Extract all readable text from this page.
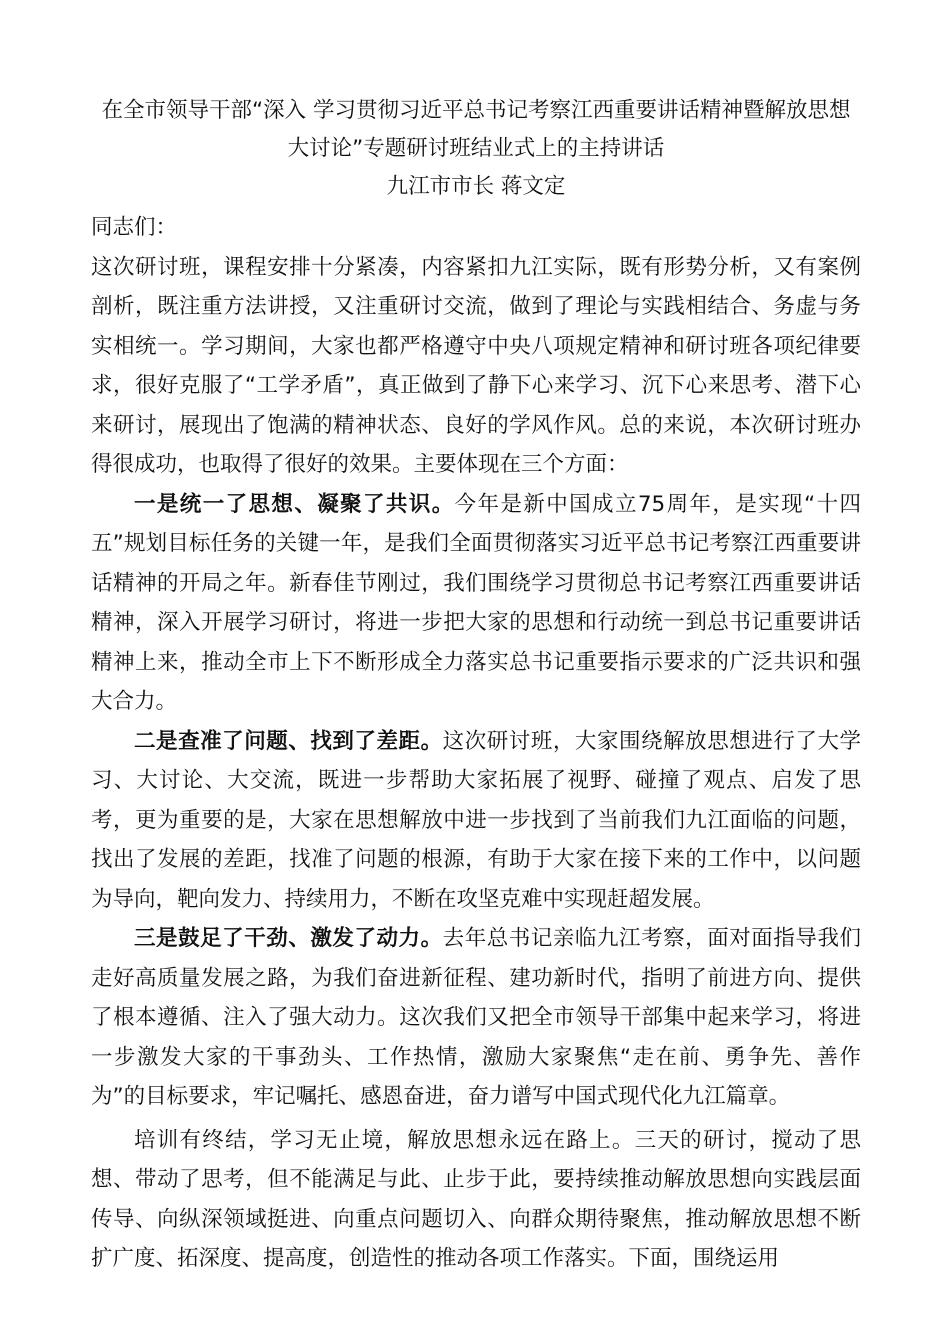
在全市领导干部“深入 学习贯彻习近平总书记考察江西重要讲话精神暨解放思想大讨论”专题研讨班结业式上的主持讲话

九江市市长 蒋文定

同志们：

这次研讨班，课程安排十分紧凑，内容紧扣九江实际，既有形势分析，又有案例剖析，既注重方法讲授，又注重研讨交流，做到了理论与实践相结合、务虚与务实相统一。学习期间，大家也都严格遵守中央八项规定精神和研讨班各项纪律要求，很好克服了“工学矛盾”，真正做到了静下心来学习、沉下心来思考、潜下心来研讨，展现出了饱满的精神状态、良好的学风作风。总的来说，本次研讨班办得很成功，也取得了很好的效果。主要体现在三个方面：

一是统一了思想、凝聚了共识。今年是新中国成立75周年，是实现“十四五”规划目标任务的关键一年，是我们全面贯彻落实习近平总书记考察江西重要讲话精神的开局之年。新春佳节刚过，我们围绕学习贯彻总书记考察江西重要讲话精神，深入开展学习研讨，将进一步把大家的思想和行动统一到总书记重要讲话精神上来，推动全市上下不断形成全力落实总书记重要指示要求的广泛共识和强大合力。

二是查准了问题、找到了差距。这次研讨班，大家围绕解放思想进行了大学习、大讨论、大交流，既进一步帮助大家拓展了视野、碰撞了观点、启发了思考，更为重要的是，大家在思想解放中进一步找到了当前我们九江面临的问题，找出了发展的差距，找准了问题的根源，有助于大家在接下来的工作中，以问题为导向，靶向发力、持续用力，不断在攻坚克难中实现赶超发展。

三是鼓足了干劲、激发了动力。去年总书记亲临九江考察，面对面指导我们走好高质量发展之路，为我们奋进新征程、建功新时代，指明了前进方向、提供了根本遵循、注入了强大动力。这次我们又把全市领导干部集中起来学习，将进一步激发大家的干事劲头、工作热情，激励大家聚焦“走在前、勇争先、善作为”的目标要求，牢记嘱托、感恩奋进，奋力谱写中国式现代化九江篇章。

培训有终结，学习无止境，解放思想永远在路上。三天的研讨，搅动了思想、带动了思考，但不能满足与此、止步于此，要持续推动解放思想向实践层面传导、向纵深领域挺进、向重点问题切入、向群众期待聚焦，推动解放思想不断扩广度、拓深度、提高度，创造性的推动各项工作落实。下面，围绕运用
